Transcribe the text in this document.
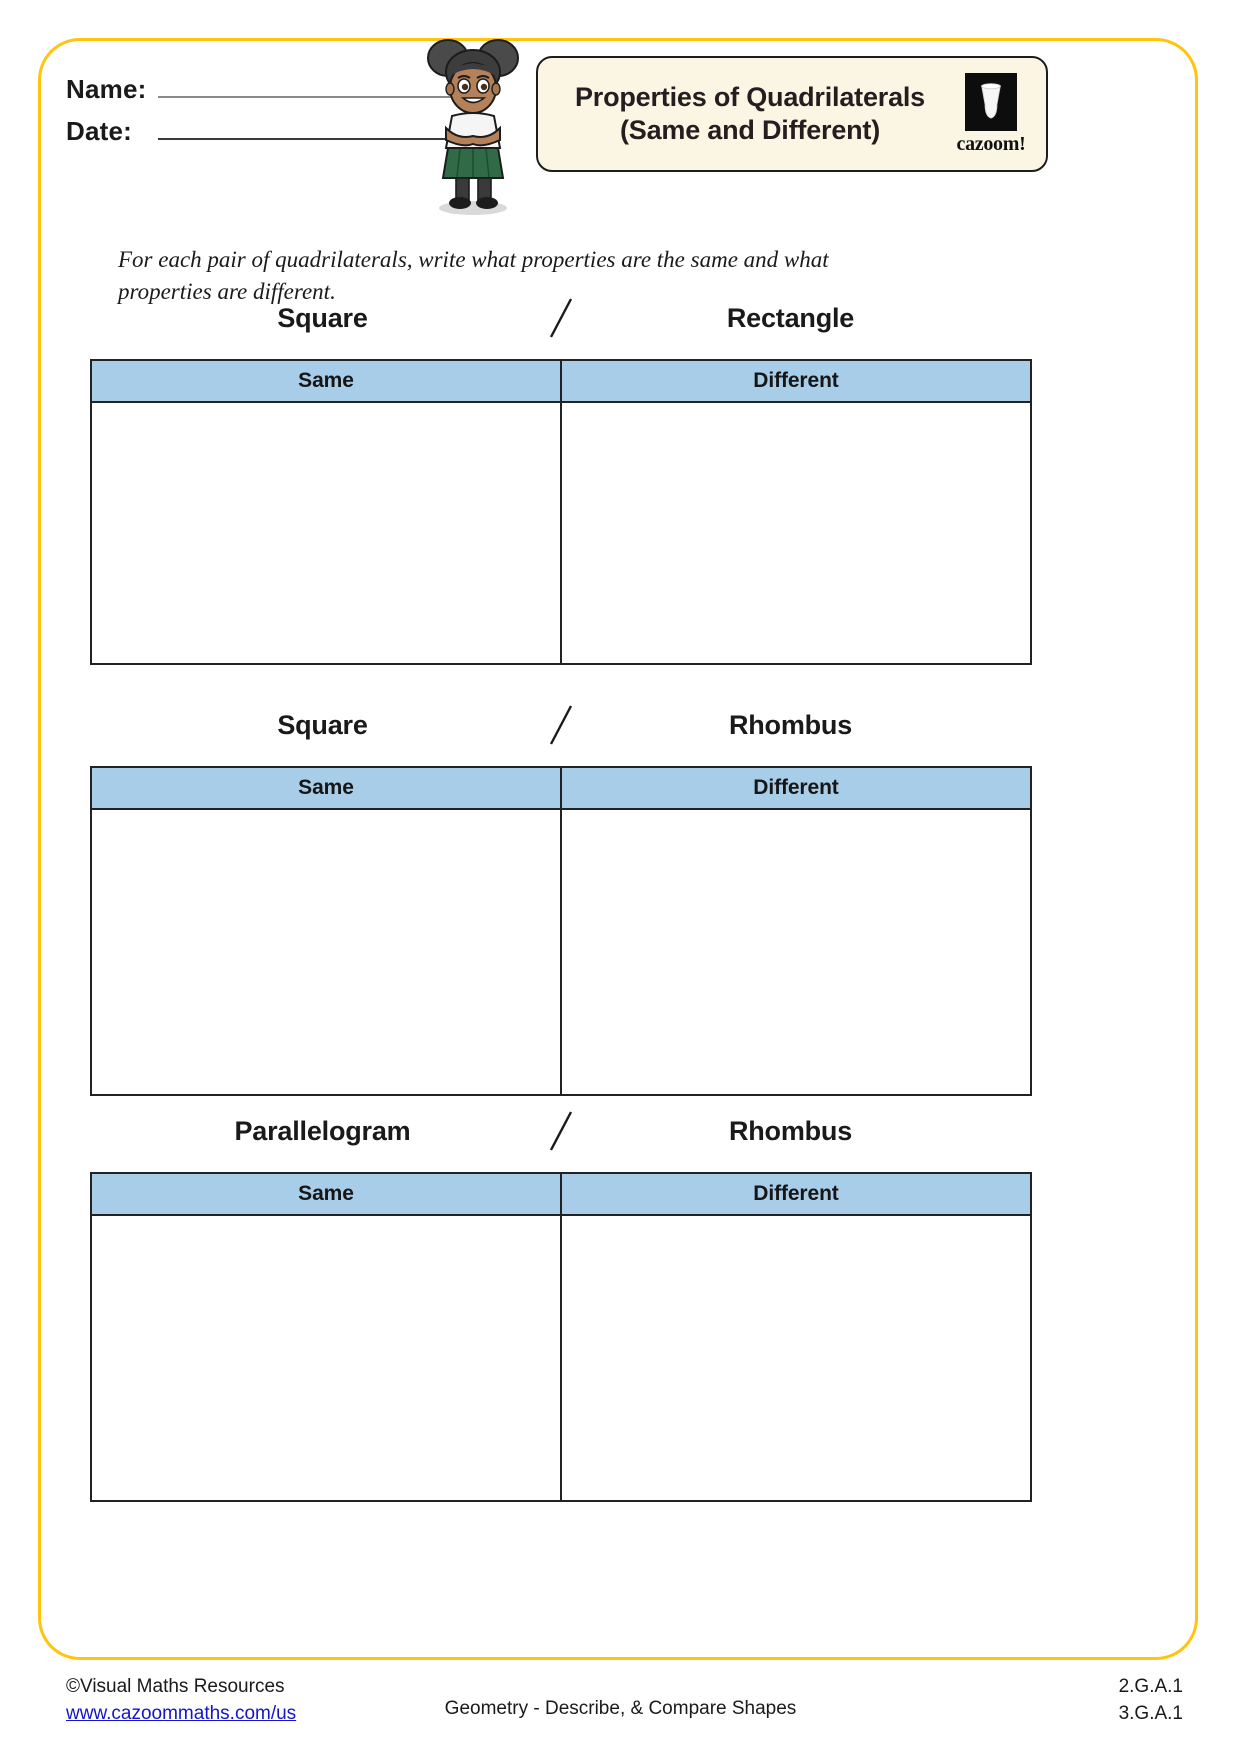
Name:
Date:
Properties of Quadrilaterals
(Same and Different)	cazoom!
For each pair of quadrilaterals, write what properties are the same and what
properties are different.
Square	Rectangle
Same	Different

Square	Rhombus
Same	Different

Parallelogram	Rhombus
Same	Different

©Visual Maths Resources
www.cazoommaths.com/us	Geometry - Describe, & Compare Shapes
2.G.A.1
3.G.A.1
